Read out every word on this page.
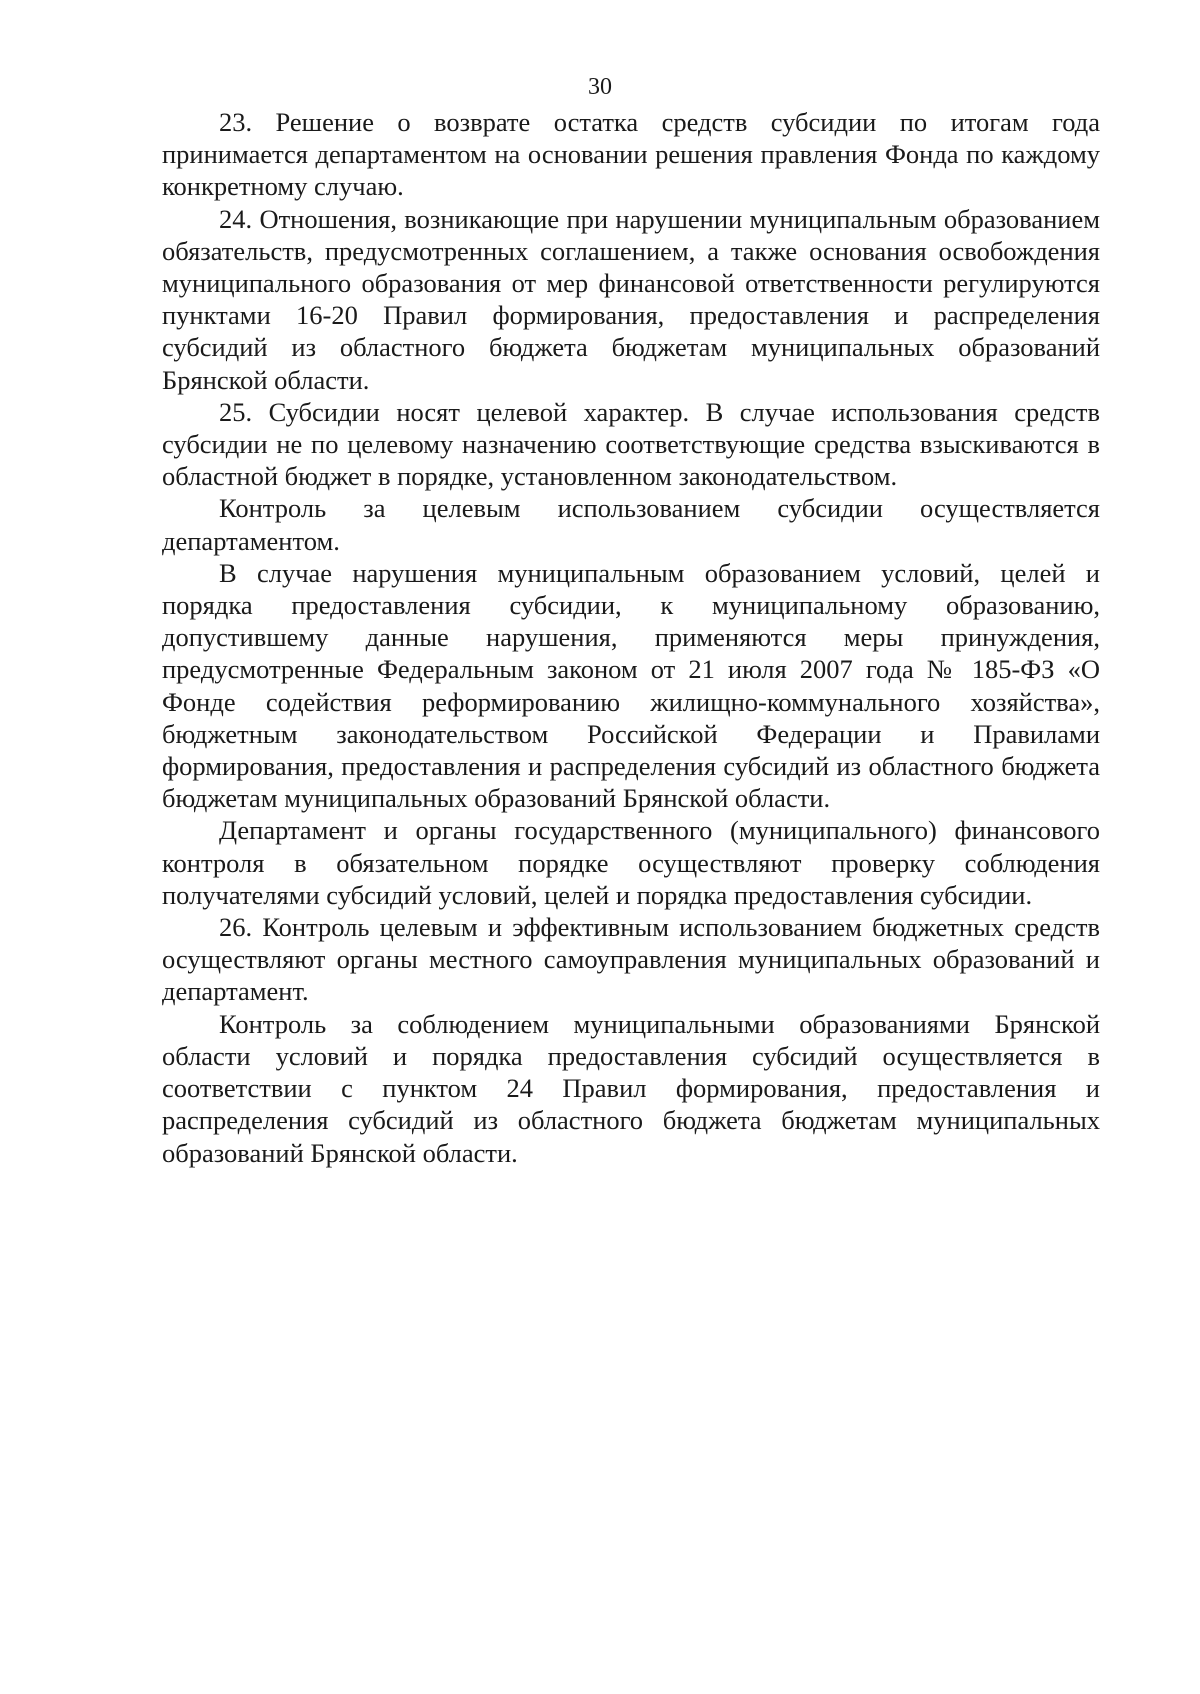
30

23. Решение о возврате остатка средств субсидии по итогам года принимается департаментом на основании решения правления Фонда по каждому конкретному случаю.

24. Отношения, возникающие при нарушении муниципальным образованием обязательств, предусмотренных соглашением, а также основания освобождения муниципального образования от мер финансовой ответственности регулируются пунктами 16-20 Правил формирования, предоставления и распределения субсидий из областного бюджета бюджетам муниципальных образований Брянской области.

25. Субсидии носят целевой характер. В случае использования средств субсидии не по целевому назначению соответствующие средства взыскиваются в областной бюджет в порядке, установленном законодательством.

Контроль за целевым использованием субсидии осуществляется департаментом.

В случае нарушения муниципальным образованием условий, целей и порядка предоставления субсидии, к муниципальному образованию, допустившему данные нарушения, применяются меры принуждения, предусмотренные Федеральным законом от 21 июля 2007 года № 185-ФЗ «О Фонде содействия реформированию жилищно-коммунального хозяйства», бюджетным законодательством Российской Федерации и Правилами формирования, предоставления и распределения субсидий из областного бюджета бюджетам муниципальных образований Брянской области.

Департамент и органы государственного (муниципального) финансового контроля в обязательном порядке осуществляют проверку соблюдения получателями субсидий условий, целей и порядка предоставления субсидии.

26. Контроль целевым и эффективным использованием бюджетных средств осуществляют органы местного самоуправления муниципальных образований и департамент.

Контроль за соблюдением муниципальными образованиями Брянской области условий и порядка предоставления субсидий осуществляется в соответствии с пунктом 24 Правил формирования, предоставления и распределения субсидий из областного бюджета бюджетам муниципальных образований Брянской области.
